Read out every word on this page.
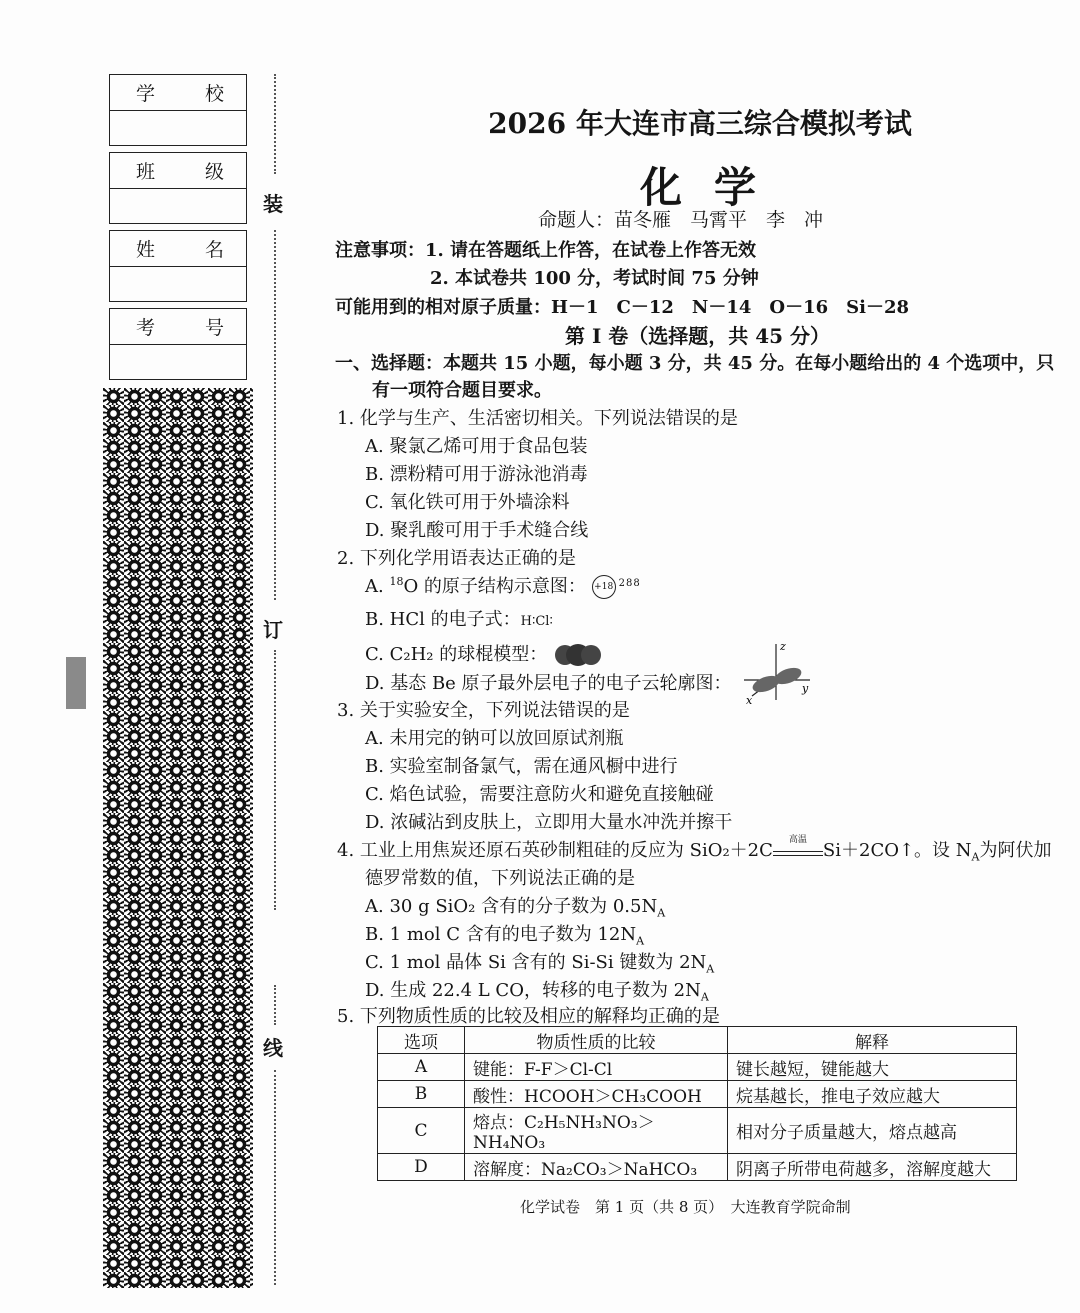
学	校
班	级
姓	名
考	号
装
订
线
2026 年大连市高三综合模拟考试
化学
命题人：苗冬雁　马霄平　李　冲
注意事项：1. 请在答题纸上作答，在试卷上作答无效
2. 本试卷共 100 分，考试时间 75 分钟
可能用到的相对原子质量：H－1　C－12　N－14　O－16　Si－28
第 I 卷（选择题，共 45 分）
一、选择题：本题共 15 小题，每小题 3 分，共 45 分。在每小题给出的 4 个选项中，只
有一项符合题目要求。
1. 化学与生产、生活密切相关。下列说法错误的是
A. 聚氯乙烯可用于食品包装
B. 漂粉精可用于游泳池消毒
C. 氧化铁可用于外墙涂料
D. 聚乳酸可用于手术缝合线
2. 下列化学用语表达正确的是
A. $^{18}$O 的原子结构示意图： +18 288
B. HCl 的电子式：H∶Cl∶
C. C₂H₂ 的球棍模型：
D. 基态 Be 原子最外层电子的电子云轮廓图：
z
y
x
3. 关于实验安全，下列说法错误的是
A. 未用完的钠可以放回原试剂瓶
B. 实验室制备氯气，需在通风橱中进行
C. 焰色试验，需要注意防火和避免直接触碰
D. 浓碱沾到皮肤上，立即用大量水冲洗并擦干
4. 工业上用焦炭还原石英砂制粗硅的反应为 SiO₂＋2C	高温 Si＋2CO↑。设 $N_A$为阿伏加
德罗常数的值，下列说法正确的是
A. 30 g SiO₂ 含有的分子数为 $0.5N_A$
B. 1 mol C 含有的电子数为 $12N_A$
C. 1 mol 晶体 Si 含有的 Si-Si 键数为 $2N_A$
D. 生成 22.4 L CO，转移的电子数为 $2N_A$
5. 下列物质性质的比较及相应的解释均正确的是
选项	物质性质的比较	解释
A	键能：F-F＞Cl-Cl	键长越短，键能越大
B	酸性：HCOOH＞CH₃COOH	烷基越长，推电子效应越大
C	熔点：C₂H₅NH₃NO₃＞NH₄NO₃	相对分子质量越大，熔点越高
D	溶解度：Na₂CO₃＞NaHCO₃	阴离子所带电荷越多，溶解度越大
化学试卷　第 1 页（共 8 页）　大连教育学院命制
